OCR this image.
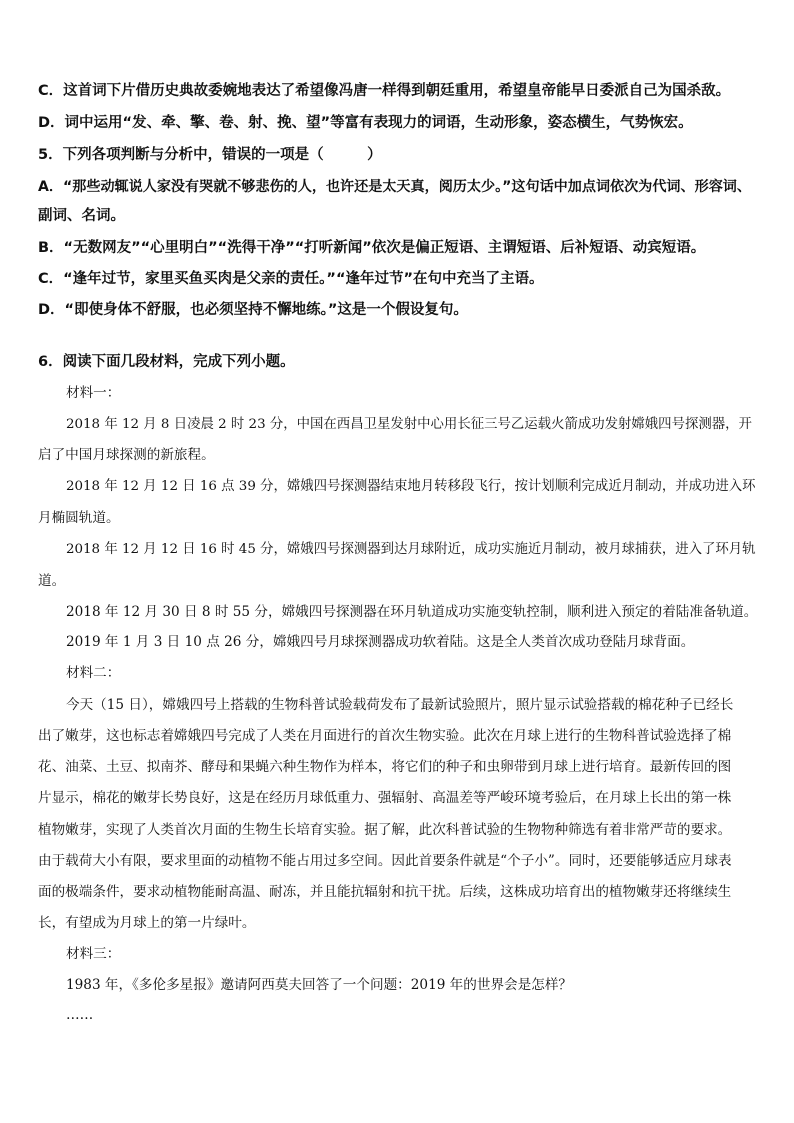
C．这首词下片借历史典故委婉地表达了希望像冯唐一样得到朝廷重用，希望皇帝能早日委派自己为国杀敌。
D．词中运用“发、牵、擎、卷、射、挽、望”等富有表现力的词语，生动形象，姿态横生，气势恢宏。
5．下列各项判断与分析中，错误的一项是（　　　）
A．“那些动辄说人家没有哭就不够悲伤的人，也许还是太天真，阅历太少。”这句话中加点词依次为代词、形容词、
副词、名词。
B．“无数网友”“心里明白”“洗得干净”“打听新闻”依次是偏正短语、主谓短语、后补短语、动宾短语。
C．“逢年过节，家里买鱼买肉是父亲的责任。”“逢年过节”在句中充当了主语。
D．“即使身体不舒服，也必须坚持不懈地练。”这是一个假设复句。
6．阅读下面几段材料，完成下列小题。
材料一：
2018 年 12 月 8 日凌晨 2 时 23 分，中国在西昌卫星发射中心用长征三号乙运载火箭成功发射嫦娥四号探测器，开
启了中国月球探测的新旅程。
2018 年 12 月 12 日 16 点 39 分，嫦娥四号探测器结束地月转移段飞行，按计划顺利完成近月制动，并成功进入环
月椭圆轨道。
2018 年 12 月 12 日 16 时 45 分，嫦娥四号探测器到达月球附近，成功实施近月制动，被月球捕获，进入了环月轨
道。
2018 年 12 月 30 日 8 时 55 分，嫦娥四号探测器在环月轨道成功实施变轨控制，顺利进入预定的着陆准备轨道。
2019 年 1 月 3 日 10 点 26 分，嫦娥四号月球探测器成功软着陆。这是全人类首次成功登陆月球背面。
材料二：
今天（15 日），嫦娥四号上搭载的生物科普试验载荷发布了最新试验照片，照片显示试验搭载的棉花种子已经长
出了嫩芽，这也标志着嫦娥四号完成了人类在月面进行的首次生物实验。此次在月球上进行的生物科普试验选择了棉
花、油菜、土豆、拟南芥、酵母和果蝇六种生物作为样本，将它们的种子和虫卵带到月球上进行培育。最新传回的图
片显示，棉花的嫩芽长势良好，这是在经历月球低重力、强辐射、高温差等严峻环境考验后，在月球上长出的第一株
植物嫩芽，实现了人类首次月面的生物生长培育实验。据了解，此次科普试验的生物物种筛选有着非常严苛的要求。
由于载荷大小有限，要求里面的动植物不能占用过多空间。因此首要条件就是“个子小”。同时，还要能够适应月球表
面的极端条件，要求动植物能耐高温、耐冻，并且能抗辐射和抗干扰。后续，这株成功培育出的植物嫩芽还将继续生
长，有望成为月球上的第一片绿叶。
材料三：
1983 年，《多伦多星报》邀请阿西莫夫回答了一个问题：2019 年的世界会是怎样？
……
